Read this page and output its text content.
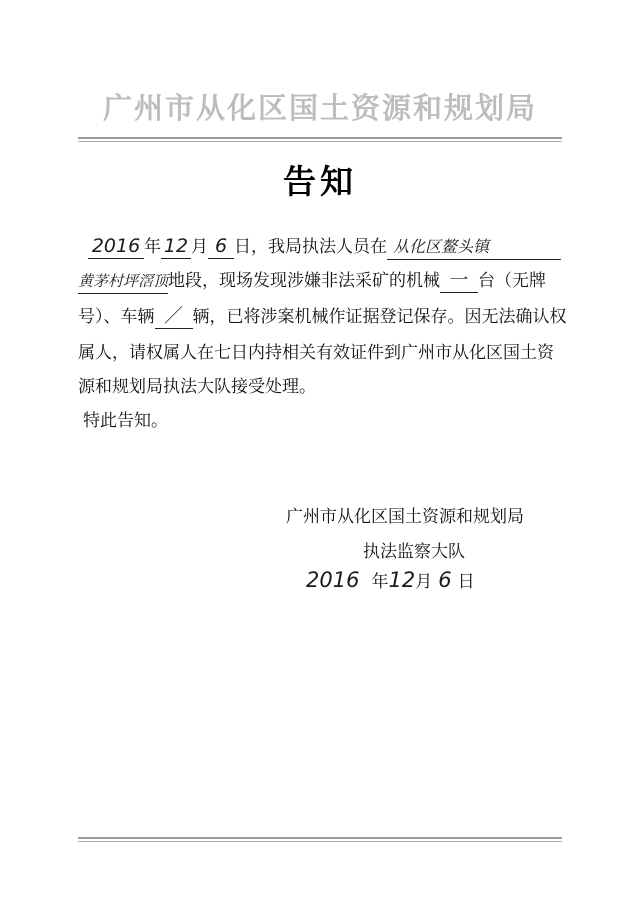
广州市从化区国土资源和规划局
告知
2016 年 12 月 6 日，我局执法人员在 从化区鳌头镇
黄茅村坪滘顶地段，现场发现涉嫌非法采矿的机械 一 台（无牌
号）、车辆 ／ 辆，已将涉案机械作证据登记保存。因无法确认权
属人，请权属人在七日内持相关有效证件到广州市从化区国土资
源和规划局执法大队接受处理。
特此告知。
广州市从化区国土资源和规划局
执法监察大队
2016 年12月 6 日
